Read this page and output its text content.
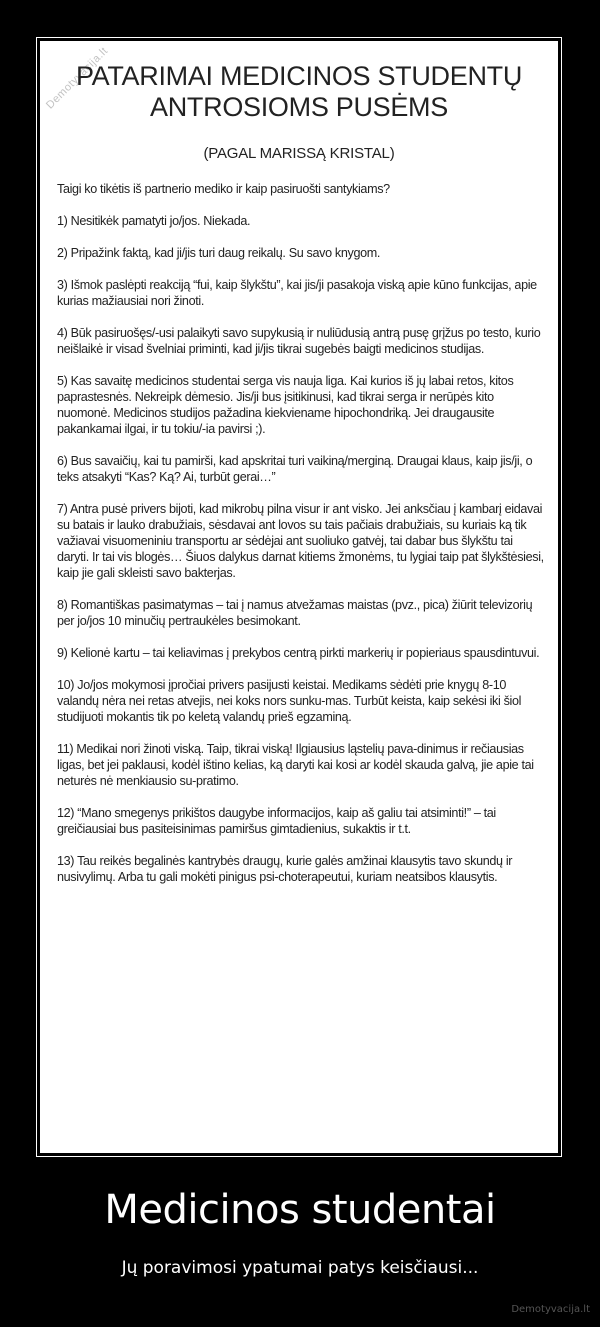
Demotyvacija.lt
PATARIMAI MEDICINOS STUDENTŲ
ANTROSIOMS PUSĖMS
(PAGAL MARISSĄ KRISTAL)

Taigi ko tikėtis iš partnerio mediko ir kaip pasiruošti santykiams?

1) Nesitikėk pamatyti jo/jos. Niekada.

2) Pripažink faktą, kad ji/jis turi daug reikalų. Su savo knygom.

3) Išmok paslėpti reakciją “fui, kaip šlykštu”, kai jis/ji pasakoja viską apie kūno funkcijas, apie kurias mažiausiai nori žinoti.

4) Būk pasiruošęs/-usi palaikyti savo supykusią ir nuliūdusią antrą pusę grįžus po testo, kurio neišlaikė ir visad švelniai priminti, kad ji/jis tikrai sugebės baigti medicinos studijas.

5) Kas savaitę medicinos studentai serga vis nauja liga. Kai kurios iš jų labai retos, kitos paprastesnės. Nekreipk dėmesio. Jis/ji bus įsitikinusi, kad tikrai serga ir nerūpės kito nuomonė. Medicinos studijos pažadina kiekviename hipochondriką. Jei draugausite pakankamai ilgai, ir tu tokiu/-ia pavirsi ;).

6) Bus savaičių, kai tu pamirši, kad apskritai turi vaikiną/merginą. Draugai klaus, kaip jis/ji, o teks atsakyti “Kas? Ką? Ai, turbūt gerai…”

7) Antra pusė privers bijoti, kad mikrobų pilna visur ir ant visko. Jei anksčiau į kambarį eidavai su batais ir lauko drabužiais, sėsdavai ant lovos su tais pačiais drabužiais, su kuriais ką tik važiavai visuomeniniu transportu ar sėdėjai ant suoliuko gatvėj, tai dabar bus šlykštu tai daryti. Ir tai vis blogės… Šiuos dalykus darnat kitiems žmonėms, tu lygiai taip pat šlykštėsiesi, kaip jie gali skleisti savo bakterjas.

8) Romantiškas pasimatymas – tai į namus atvežamas maistas (pvz., pica) žiūrit televizorių per jo/jos 10 minučių pertraukėles besimokant.

9) Kelionė kartu – tai keliavimas į prekybos centrą pirkti markerių ir popieriaus spausdintuvui.

10) Jo/jos mokymosi įpročiai privers pasijusti keistai. Medikams sėdėti prie knygų 8-10 valandų nėra nei retas atvejis, nei koks nors sunku-mas. Turbūt keista, kaip sekėsi iki šiol studijuoti mokantis tik po keletą valandų prieš egzaminą.

11) Medikai nori žinoti viską. Taip, tikrai viską! Ilgiausius ląstelių pava-dinimus ir rečiausias ligas, bet jei paklausi, kodėl ištino kelias, ką daryti kai kosi ar kodėl skauda galvą, jie apie tai neturės nė menkiausio su-pratimo.

12) “Mano smegenys prikištos daugybe informacijos, kaip aš galiu tai atsiminti!” – tai greičiausiai bus pasiteisinimas pamiršus gimtadienius, sukaktis ir t.t.

13) Tau reikės begalinės kantrybės draugų, kurie galės amžinai klausytis tavo skundų ir nusivylimų. Arba tu gali mokėti pinigus psi-choterapeutui, kuriam neatsibos klausytis.

Medicinos studentai
Jų poravimosi ypatumai patys keisčiausi...
Demotyvacija.lt
